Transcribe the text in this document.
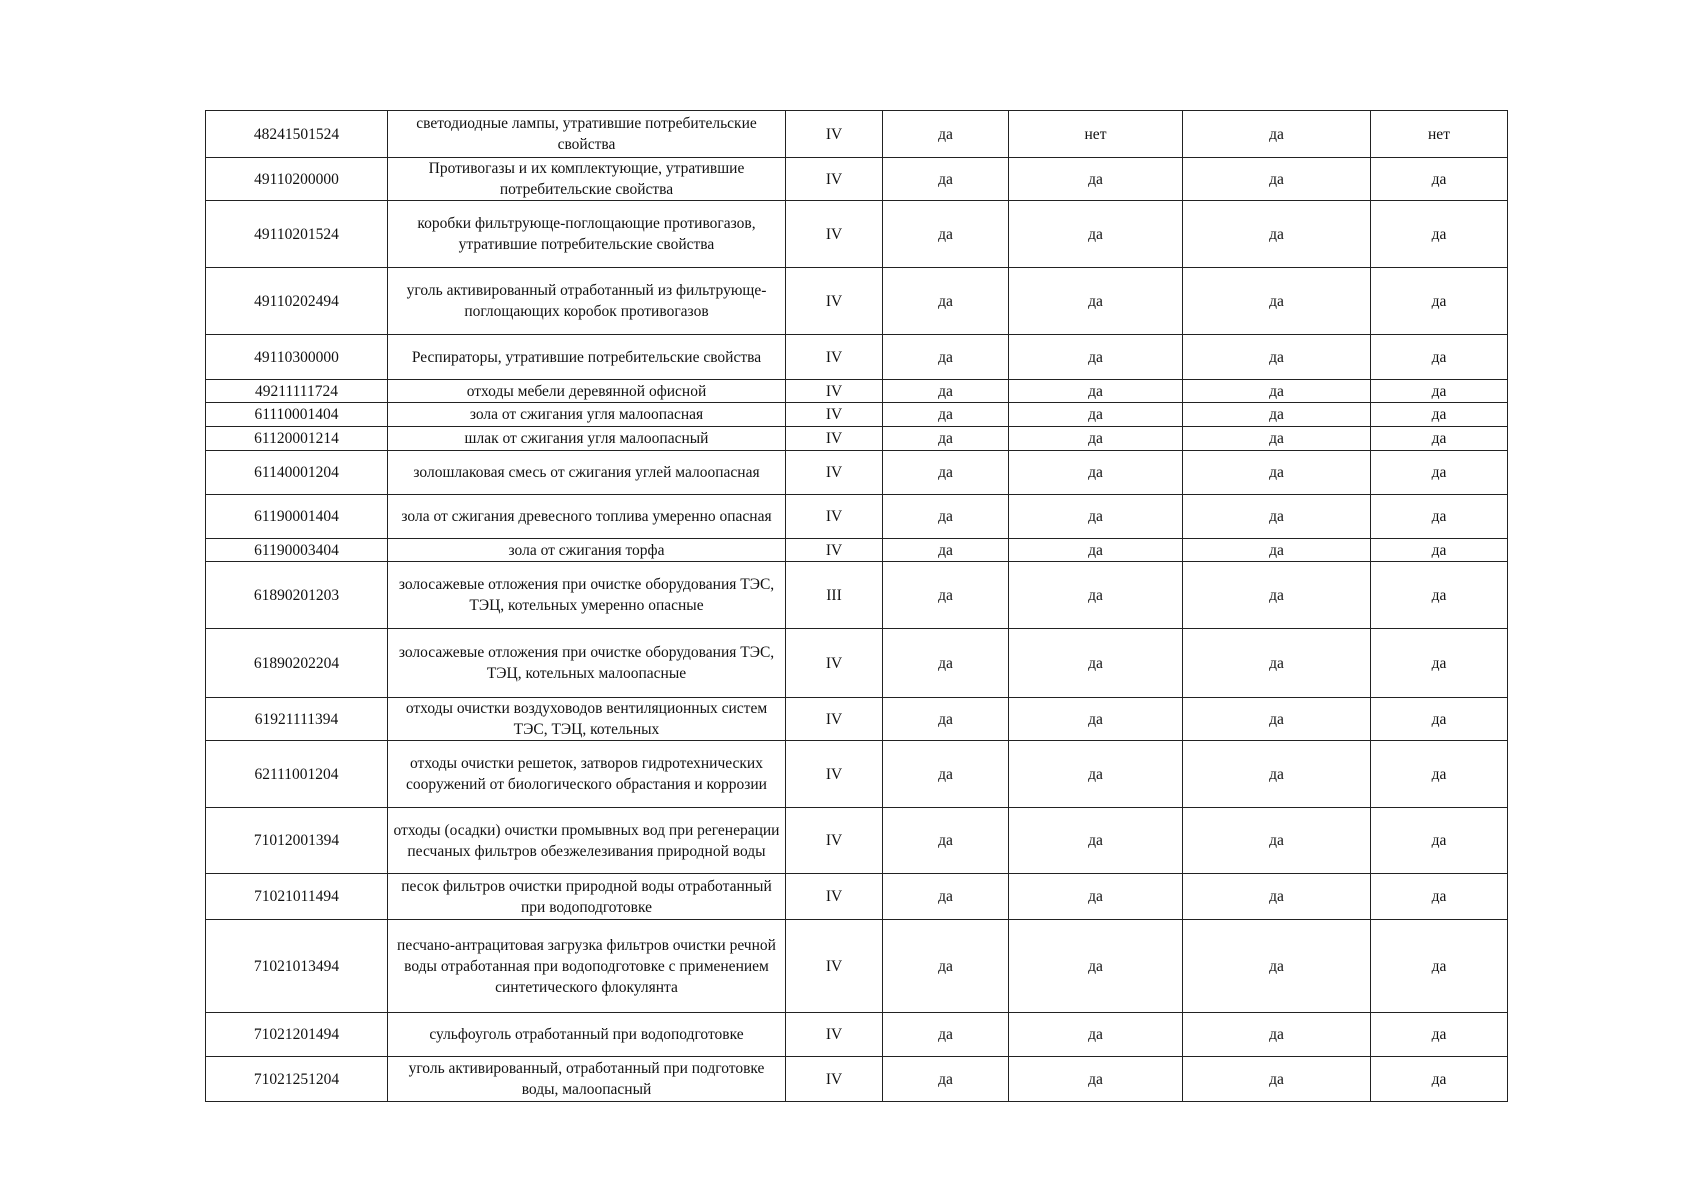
48241501524	светодиодные лампы, утратившие потребительские свойства	IV	да	нет	да	нет
49110200000	Противогазы и их комплектующие, утратившие потребительские свойства	IV	да	да	да	да
49110201524	коробки фильтрующе-поглощающие противогазов, утратившие потребительские свойства	IV	да	да	да	да
49110202494	уголь активированный отработанный из фильтрующе-поглощающих коробок противогазов	IV	да	да	да	да
49110300000	Респираторы, утратившие потребительские свойства	IV	да	да	да	да
49211111724	отходы мебели деревянной офисной	IV	да	да	да	да
61110001404	зола от сжигания угля малоопасная	IV	да	да	да	да
61120001214	шлак от сжигания угля малоопасный	IV	да	да	да	да
61140001204	золошлаковая смесь от сжигания углей малоопасная	IV	да	да	да	да
61190001404	зола от сжигания древесного топлива умеренно опасная	IV	да	да	да	да
61190003404	зола от сжигания торфа	IV	да	да	да	да
61890201203	золосажевые отложения при очистке оборудования ТЭС, ТЭЦ, котельных умеренно опасные	III	да	да	да	да
61890202204	золосажевые отложения при очистке оборудования ТЭС, ТЭЦ, котельных малоопасные	IV	да	да	да	да
61921111394	отходы очистки воздуховодов вентиляционных систем ТЭС, ТЭЦ, котельных	IV	да	да	да	да
62111001204	отходы очистки решеток, затворов гидротехнических сооружений от биологического обрастания и коррозии	IV	да	да	да	да
71012001394	отходы (осадки) очистки промывных вод при регенерации песчаных фильтров обезжелезивания природной воды	IV	да	да	да	да
71021011494	песок фильтров очистки природной воды отработанный при водоподготовке	IV	да	да	да	да
71021013494	песчано-антрацитовая загрузка фильтров очистки речной воды отработанная при водоподготовке с применением синтетического флокулянта	IV	да	да	да	да
71021201494	сульфоуголь отработанный при водоподготовке	IV	да	да	да	да
71021251204	уголь активированный, отработанный при подготовке воды, малоопасный	IV	да	да	да	да
